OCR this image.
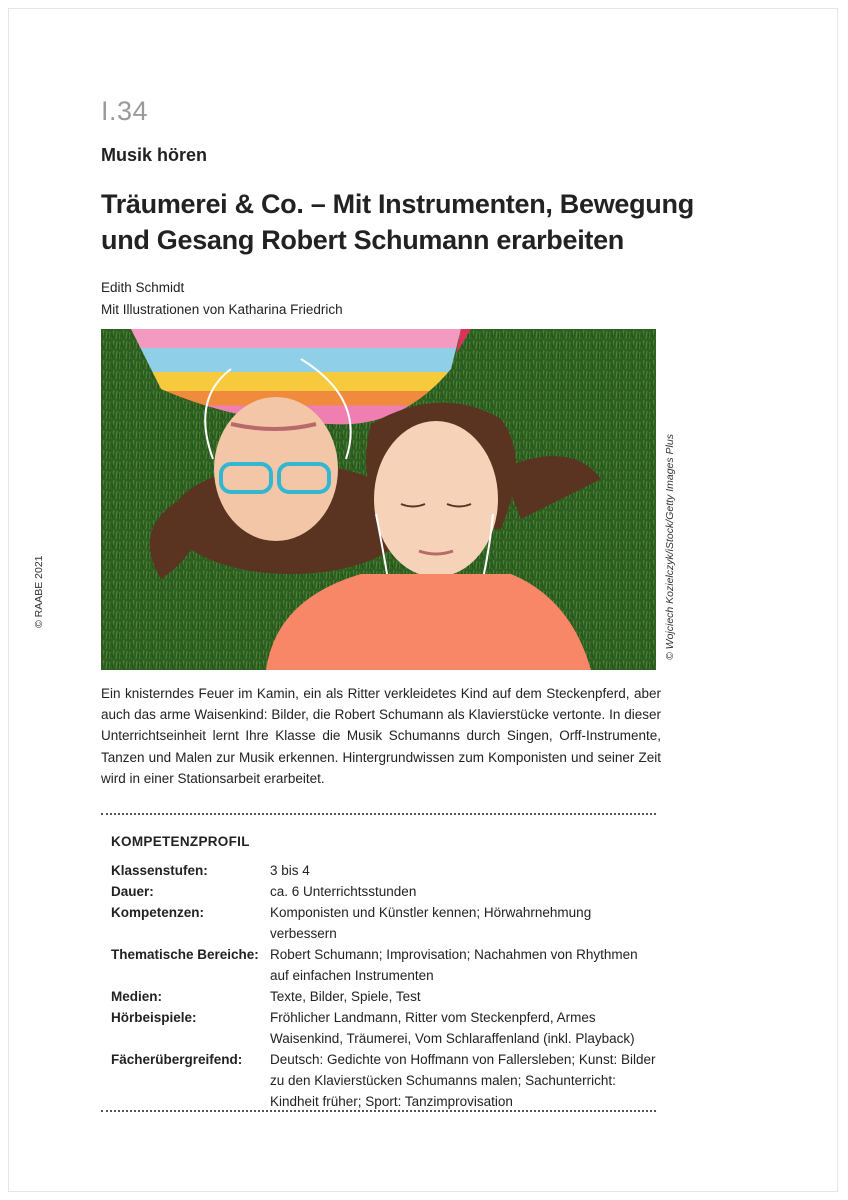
I.34
Musik hören
Träumerei & Co. – Mit Instrumenten, Bewegung
und Gesang Robert Schumann erarbeiten
Edith Schmidt
Mit Illustrationen von Katharina Friedrich
© RAABE 2021	© Wojciech Kozielczyk/iStock/Getty Images Plus
Ein knisterndes Feuer im Kamin, ein als Ritter verkleidetes Kind auf dem Steckenpferd, aber auch das arme Waisenkind: Bilder, die Robert Schumann als Klavierstücke vertonte. In dieser Unterrichtseinheit lernt Ihre Klasse die Musik Schumanns durch Singen, Orff-Instrumente, Tanzen und Malen zur Musik erkennen. Hintergrundwissen zum Komponisten und seiner Zeit wird in einer Stationsarbeit erarbeitet.
KOMPETENZPROFIL
Klassenstufen:	3 bis 4
Dauer:	ca. 6 Unterrichtsstunden
Kompetenzen:	Komponisten und Künstler kennen; Hörwahrnehmung verbessern
Thematische Bereiche:	Robert Schumann; Improvisation; Nachahmen von Rhythmen auf einfachen Instrumenten
Medien:	Texte, Bilder, Spiele, Test
Hörbeispiele:	Fröhlicher Landmann, Ritter vom Steckenpferd, Armes Waisenkind, Träumerei, Vom Schlaraffenland (inkl. Playback)
Fächerübergreifend:	Deutsch: Gedichte von Hoffmann von Fallersleben; Kunst: Bilder zu den Klavierstücken Schumanns malen; Sachunterricht: Kindheit früher; Sport: Tanzimprovisation
